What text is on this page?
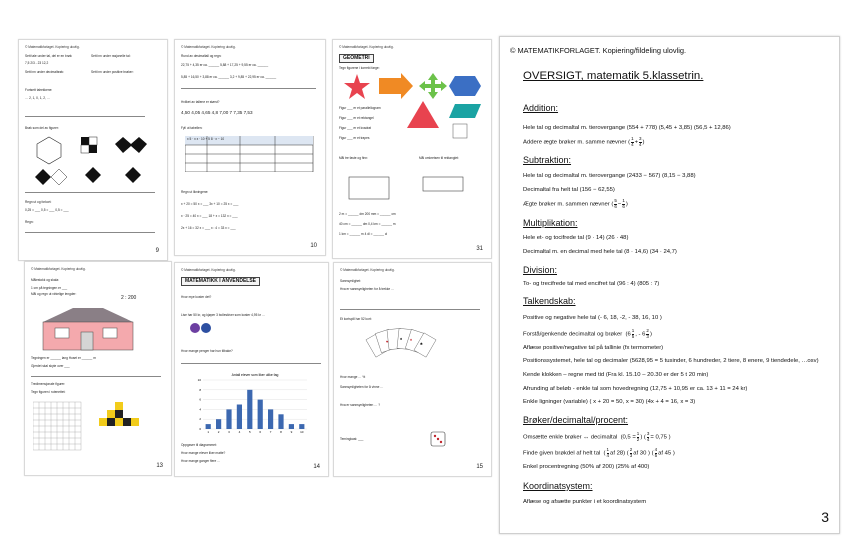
© Matematikforlaget. Kopiering ulovlig.
Sett tale under tal, del er en brøk:	Sett inn under rasjonelle tal:
7,5 2/3 - 23 12,2
Sett inn under decimalbrøk:	Sett inn under positive brøker:
Fortsett talrekkene:
… 2, 1, 0, 1, 2, …
Brøk som del av figurer:
Regn ut og forkort:
0,25 = ___ 0,5 = ___ 0,5 = ___
Regn:
9
© Matematikforlaget. Kopiering ulovlig.
Rund av desimaltall og regn:
22,75 + 4,35 er ca. ______ 5,88 + 17,25 + 9,55 er ca. ______
5,85 + 16,50 + 3,88 er ca. ______ 3,2 + 9,85 + 22,95 er ca. ______
Hvilket av tallene er størst?
4,50 4,05 4,65 4,8 7,00 7 7,35 7,53
Fyll ut tabellen:
x 5 · x x · 10 + 5 8 · x − 10
Regn ut likningene:
x + 20 = 50 x = ___ 3x + 10 = 25 x = ___
x · 25 = 40 x = ___ 18 + x = 132 x = ___
2x + 16 = 32 x = ___ x : 4 = 33 x = ___
10
© Matematikforlaget. Kopiering ulovlig.
GEOMETRI
Tegn figurene i korrekt farge:
Figur ___ er et parallellogram
Figur ___ er et rektangel
Figur ___ er et kvadrat
Figur ___ er et trapes
Mål tre faste og finn:	Mål omkretsen til rektanglet:
2 m = ______ dm 200 mm = ______ cm
40 cm = ______ dm 0,4 km = ______ m
1 km = ______ m 4 dl = ______ cl
31
© Matematikforlaget. Kopiering ulovlig.
Målestokk og skala:
1 cm på tegningen er ___
Mål og regn ut virkelige lengder:
2 : 200
Tegningen er ______ lang Huset er ______ m
Gjerdet skal skyte over ___
Tredimensjonale figurer:
Tegn figuren i rutenettet:
13
© Matematikforlaget. Kopiering ulovlig.
MATEMATIKK I ANVENDELSE
Hvor mye koster det?
Lise har 50 kr, og kjøper 3 bolleskiver som koster 4,95 kr …
Hvor mange penger har hun tilbake?
Antall elever som liker ulike fag
0
2
4
6
8
10
1	2	3	4	5	6	7	8	9	10
Oppgaver til diagrammet:
Hvor mange elever liker matte?
Hvor mange ganger flere …
14
© Matematikforlaget. Kopiering ulovlig.
Sannsynlighet:
Hva er sannsynligheten for å trekke …
Et kortspill har 52 kort:
♥
♠ ♦
♣
Hvor mange … %
Sannsynligheten for å vinne …
Hva er sannsynligheten … ?
Terningkast: ___
15
© MATEMATIKFORLAGET. Kopiering/fildeling ulovlig.
OVERSIGT, matematik 5.klassetrin.
Addition:
Hele tal og decimaltal m. tierovergange (554 + 778) (5,45 + 3,85) (56,5 + 12,86)
Addere ægte brøker m. samme nævner ( $\frac{1}{4} + \frac{3}{4}$ )
Subtraktion:
Hele tal og decimaltal m. tierovergange (2433 − 567) (8,15 − 3,88)
Decimaltal fra helt tal (156 − 62,55)
Ægte brøker m. sammen nævner ( $\frac{5}{6} - \frac{1}{6}$ )
Multiplikation:
Hele et- og tocifrede tal (9 · 14) (26 · 48)
Decimaltal m. en decimal med hele tal (8 · 14,6) (34 · 24,7)
Division:
To- og trecifrede tal med encifret tal (96 : 4) (805 : 7)
Talkendskab:
Positive og negative hele tal (- 6, 18, -2, - 38, 16, 10 )
Forstå/genkende decimaltal og brøker  ($6 \frac{1}{5}$ , - $6 \frac{2}{3}$ )
Aflæse positive/negative tal på tallinie (fx termometer)
Positionssystemet, hele tal og decimaler (5628,95 = 5 tusinder, 6 hundreder, 2 tiere, 8 enere, 9 tiendedele, …osv)
Kende klokken – regne med tid (Fra kl. 15.10 – 20.30 er der 5 t 20 min)
Afrunding af beløb - enkle tal som hovedregning (12,75 + 10,95 er ca. 13 + 11 = 24 kr)
Enkle ligninger (variable) ( x + 20 = 50, x = 30) (4x + 4 = 16, x = 3)
Brøker/decimaltal/procent:
Omsætte enkle brøker ↔ decimaltal ($0,5 = \frac{1}{2}$ ) ( $\frac{3}{4} = 0,75$ )
Finde given brøkdel af helt tal  ( $\frac{1}{4}$ af 28) ( $\frac{2}{3}$ af 30 ) ( $\frac{4}{5}$ af 45 )
Enkel procentregning (50% af 200) (25% af 400)
Koordinatsystem:
Aflæse og afsætte punkter i et koordinatsystem
3
